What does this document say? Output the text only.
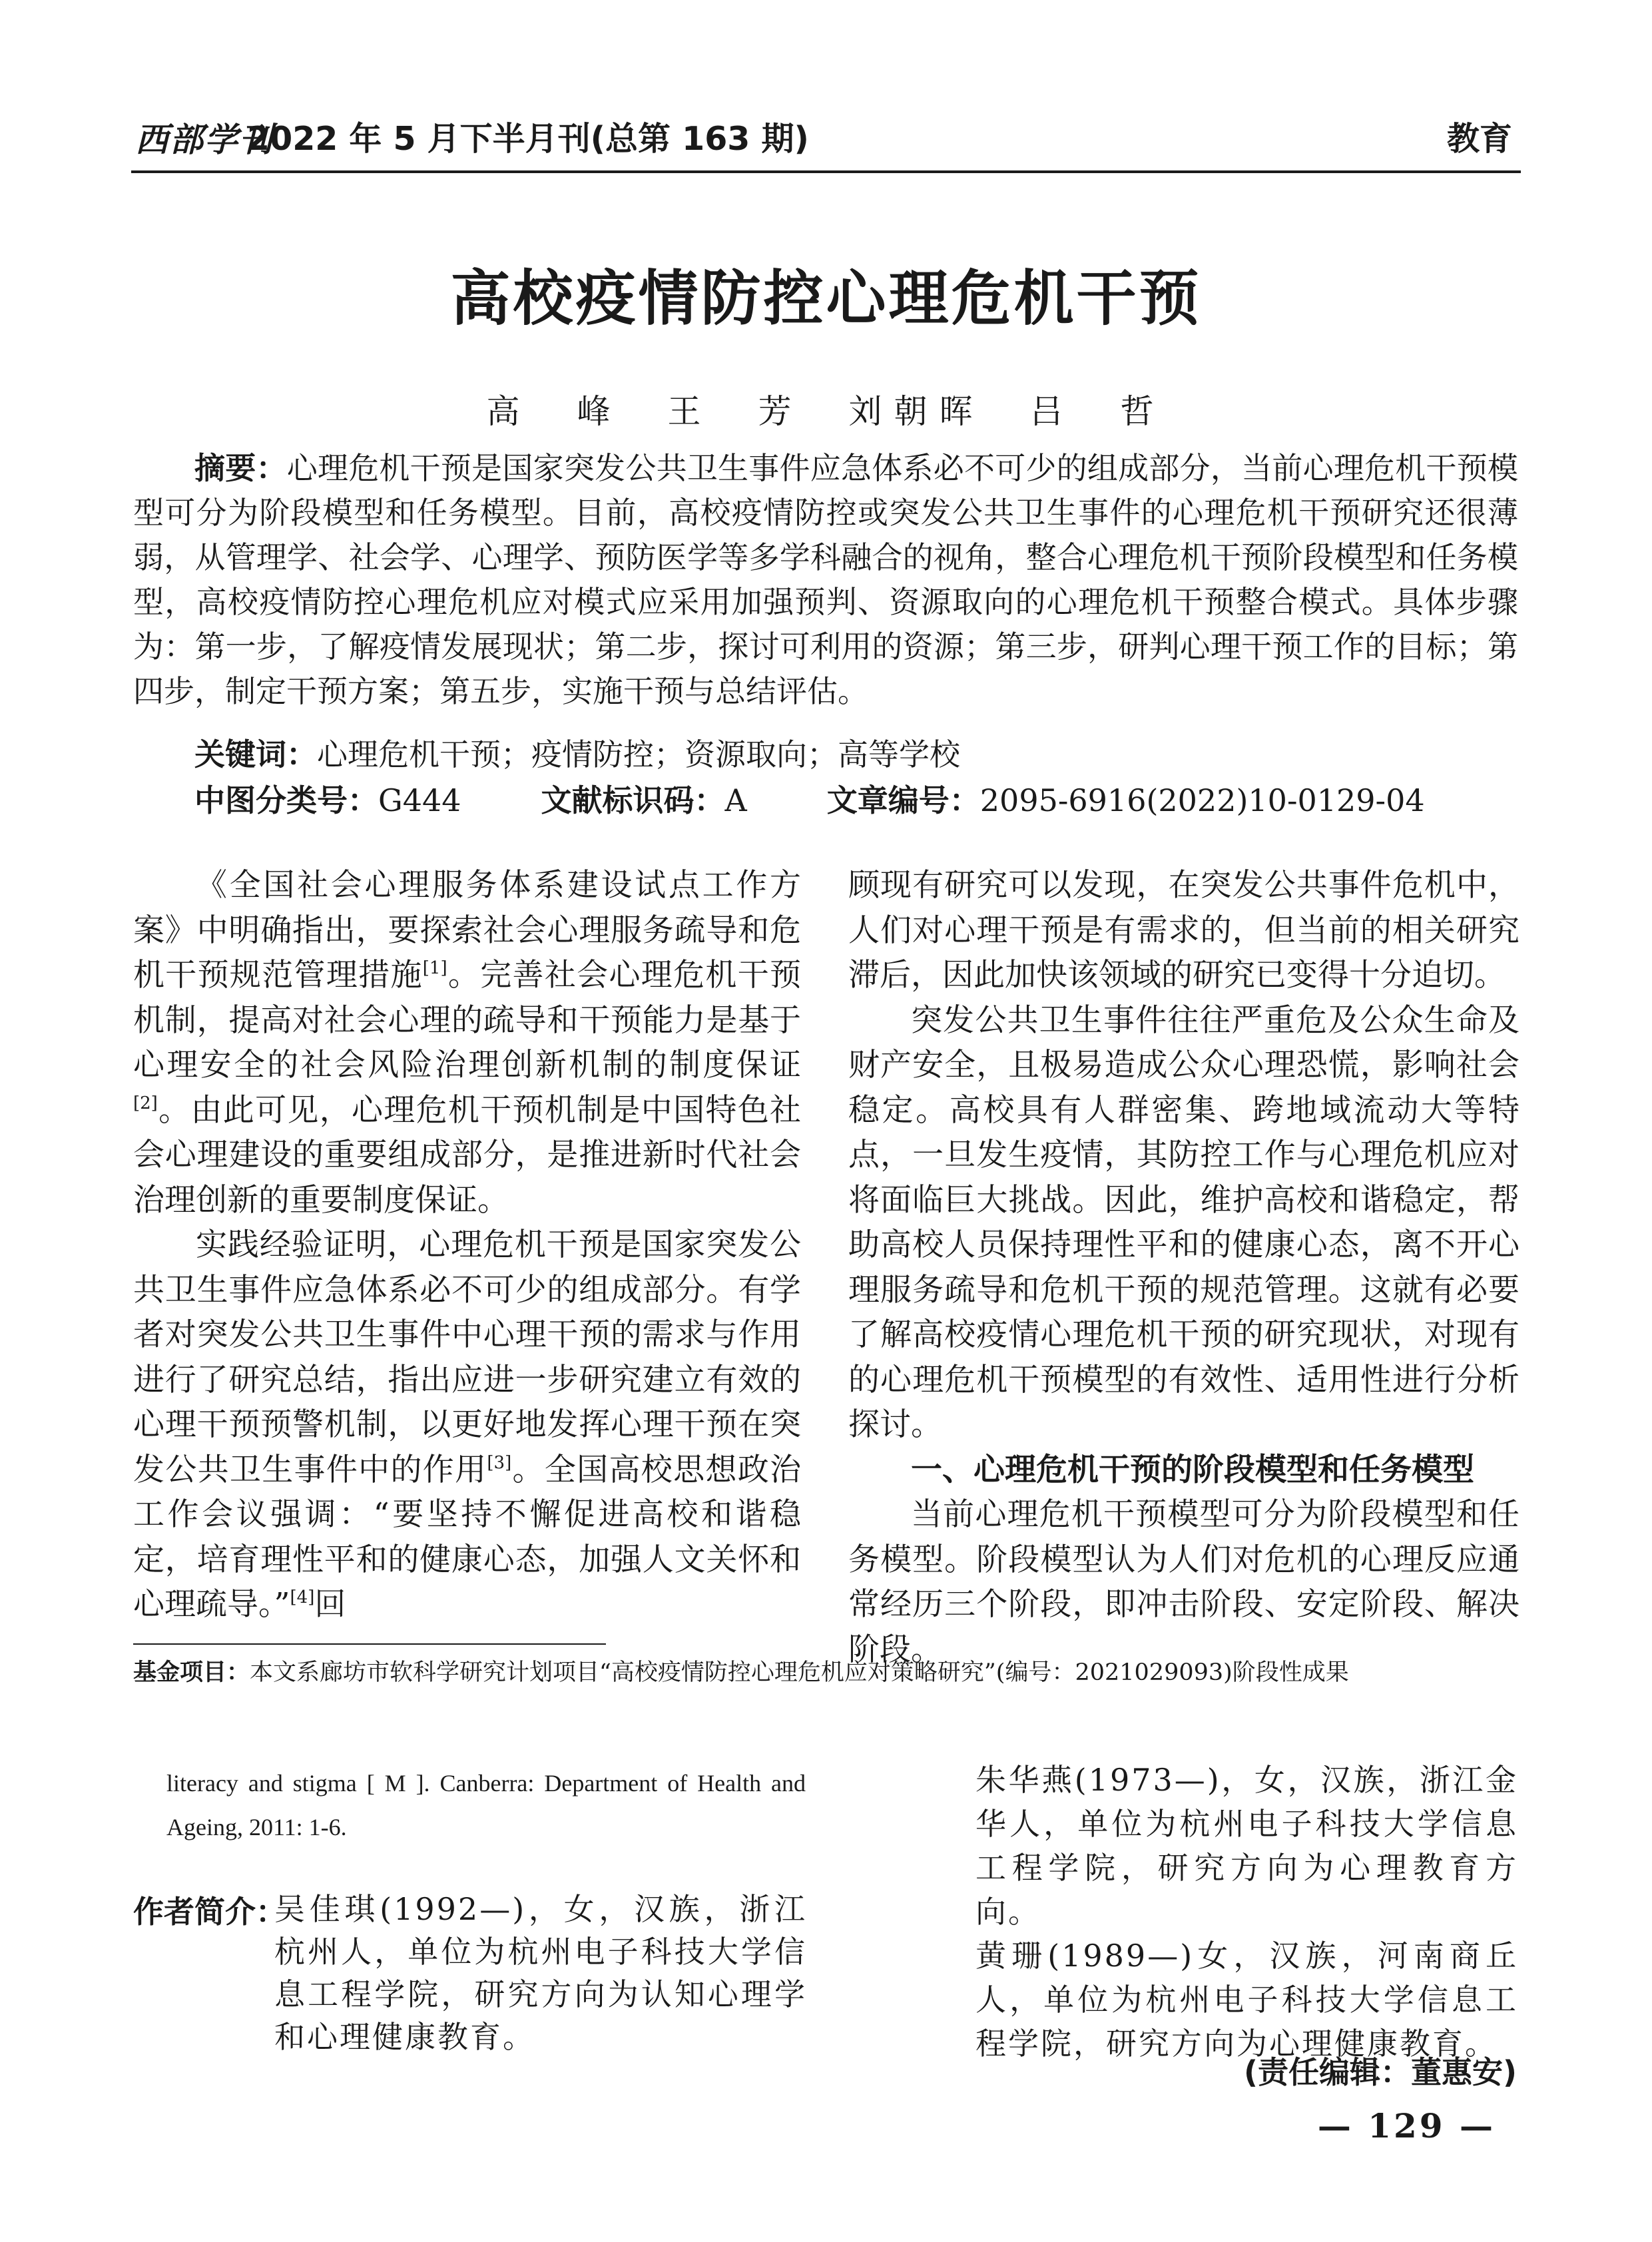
西部学刊
2022 年 5 月下半月刊(总第 163 期)	教育
高校疫情防控心理危机干预
高　峰　王　芳　刘朝晖　吕　哲
摘要：心理危机干预是国家突发公共卫生事件应急体系必不可少的组成部分，当前心理危机干预模型可分为阶段模型和任务模型。目前，高校疫情防控或突发公共卫生事件的心理危机干预研究还很薄弱，从管理学、社会学、心理学、预防医学等多学科融合的视角，整合心理危机干预阶段模型和任务模型，高校疫情防控心理危机应对模式应采用加强预判、资源取向的心理危机干预整合模式。具体步骤为：第一步，了解疫情发展现状；第二步，探讨可利用的资源；第三步，研判心理干预工作的目标；第四步，制定干预方案；第五步，实施干预与总结评估。
关键词：心理危机干预；疫情防控；资源取向；高等学校
中图分类号：G444	文献标识码：A	文章编号：2095-6916(2022)10-0129-04

《全国社会心理服务体系建设试点工作方案》中明确指出，要探索社会心理服务疏导和危机干预规范管理措施[1]。完善社会心理危机干预机制，提高对社会心理的疏导和干预能力是基于心理安全的社会风险治理创新机制的制度保证[2]。由此可见，心理危机干预机制是中国特色社会心理建设的重要组成部分，是推进新时代社会治理创新的重要制度保证。

实践经验证明，心理危机干预是国家突发公共卫生事件应急体系必不可少的组成部分。有学者对突发公共卫生事件中心理干预的需求与作用进行了研究总结，指出应进一步研究建立有效的心理干预预警机制，以更好地发挥心理干预在突发公共卫生事件中的作用[3]。全国高校思想政治工作会议强调：“要坚持不懈促进高校和谐稳定，培育理性平和的健康心态，加强人文关怀和心理疏导。”[4]回

顾现有研究可以发现，在突发公共事件危机中，人们对心理干预是有需求的，但当前的相关研究滞后，因此加快该领域的研究已变得十分迫切。

突发公共卫生事件往往严重危及公众生命及财产安全，且极易造成公众心理恐慌，影响社会稳定。高校具有人群密集、跨地域流动大等特点，一旦发生疫情，其防控工作与心理危机应对将面临巨大挑战。因此，维护高校和谐稳定，帮助高校人员保持理性平和的健康心态，离不开心理服务疏导和危机干预的规范管理。这就有必要了解高校疫情心理危机干预的研究现状，对现有的心理危机干预模型的有效性、适用性进行分析探讨。

一、心理危机干预的阶段模型和任务模型

当前心理危机干预模型可分为阶段模型和任务模型。阶段模型认为人们对危机的心理反应通常经历三个阶段，即冲击阶段、安定阶段、解决阶段。

基金项目：本文系廊坊市软科学研究计划项目“高校疫情防控心理危机应对策略研究”(编号：2021029093)阶段性成果
literacy and stigma [ M ]. Canberra: Department of Health and Ageing, 2011: 1-6.
作者简介：
吴佳琪(1992—)，女，汉族，浙江杭州人，单位为杭州电子科技大学信息工程学院，研究方向为认知心理学和心理健康教育。
朱华燕(1973—)，女，汉族，浙江金华人，单位为杭州电子科技大学信息工程学院，研究方向为心理教育方向。
黄珊(1989—)女，汉族，河南商丘人，单位为杭州电子科技大学信息工程学院，研究方向为心理健康教育。
(责任编辑：董惠安)
— 129 —
